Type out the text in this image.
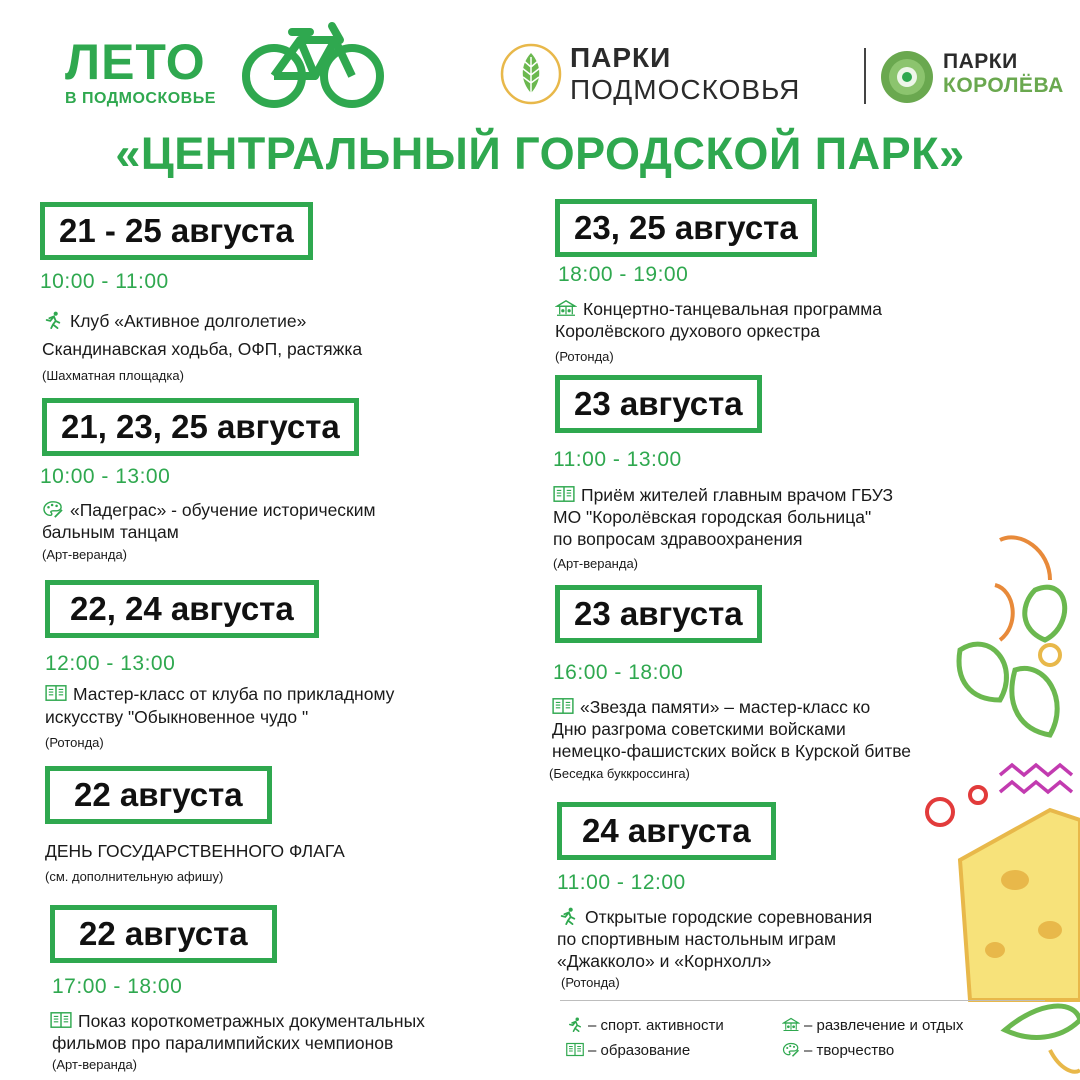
ЛЕТО
В ПОДМОСКОВЬЕ
ПАРКИ
ПОДМОСКОВЬЯ
ПАРКИ
КОРОЛЁВА
«ЦЕНТРАЛЬНЫЙ ГОРОДСКОЙ ПАРК»
21 - 25 августа
10:00 - 11:00
Клуб «Активное долголетие»
Скандинавская ходьба, ОФП, растяжка
(Шахматная площадка)
21, 23, 25 августа
10:00 - 13:00
«Падеграс» - обучение историческим
бальным танцам
(Арт-веранда)
22, 24 августа
12:00 - 13:00
Мастер-класс от клуба по прикладному
искусству "Обыкновенное чудо "
(Ротонда)
22 августа
ДЕНЬ ГОСУДАРСТВЕННОГО ФЛАГА
(см. дополнительную афишу)
22 августа
17:00 - 18:00
Показ короткометражных документальных
фильмов про паралимпийских чемпионов
(Арт-веранда)
23, 25 августа
18:00 - 19:00
Концертно-танцевальная программа
Королёвского духового оркестра
(Ротонда)
23 августа
11:00 - 13:00
Приём жителей главным врачом ГБУЗ
МО "Королёвская городская больница"
по вопросам здравоохранения
(Арт-веранда)
23 августа
16:00 - 18:00
«Звезда памяти» – мастер-класс ко
Дню разгрома советскими войсками
немецко-фашистских войск в Курской битве
(Беседка буккроссинга)
24 августа
11:00 - 12:00
Открытые городские соревнования
по спортивным настольным играм
«Джакколо» и «Корнхолл»
(Ротонда)
– спорт. активности
– образование
– развлечение и отдых
– творчество
